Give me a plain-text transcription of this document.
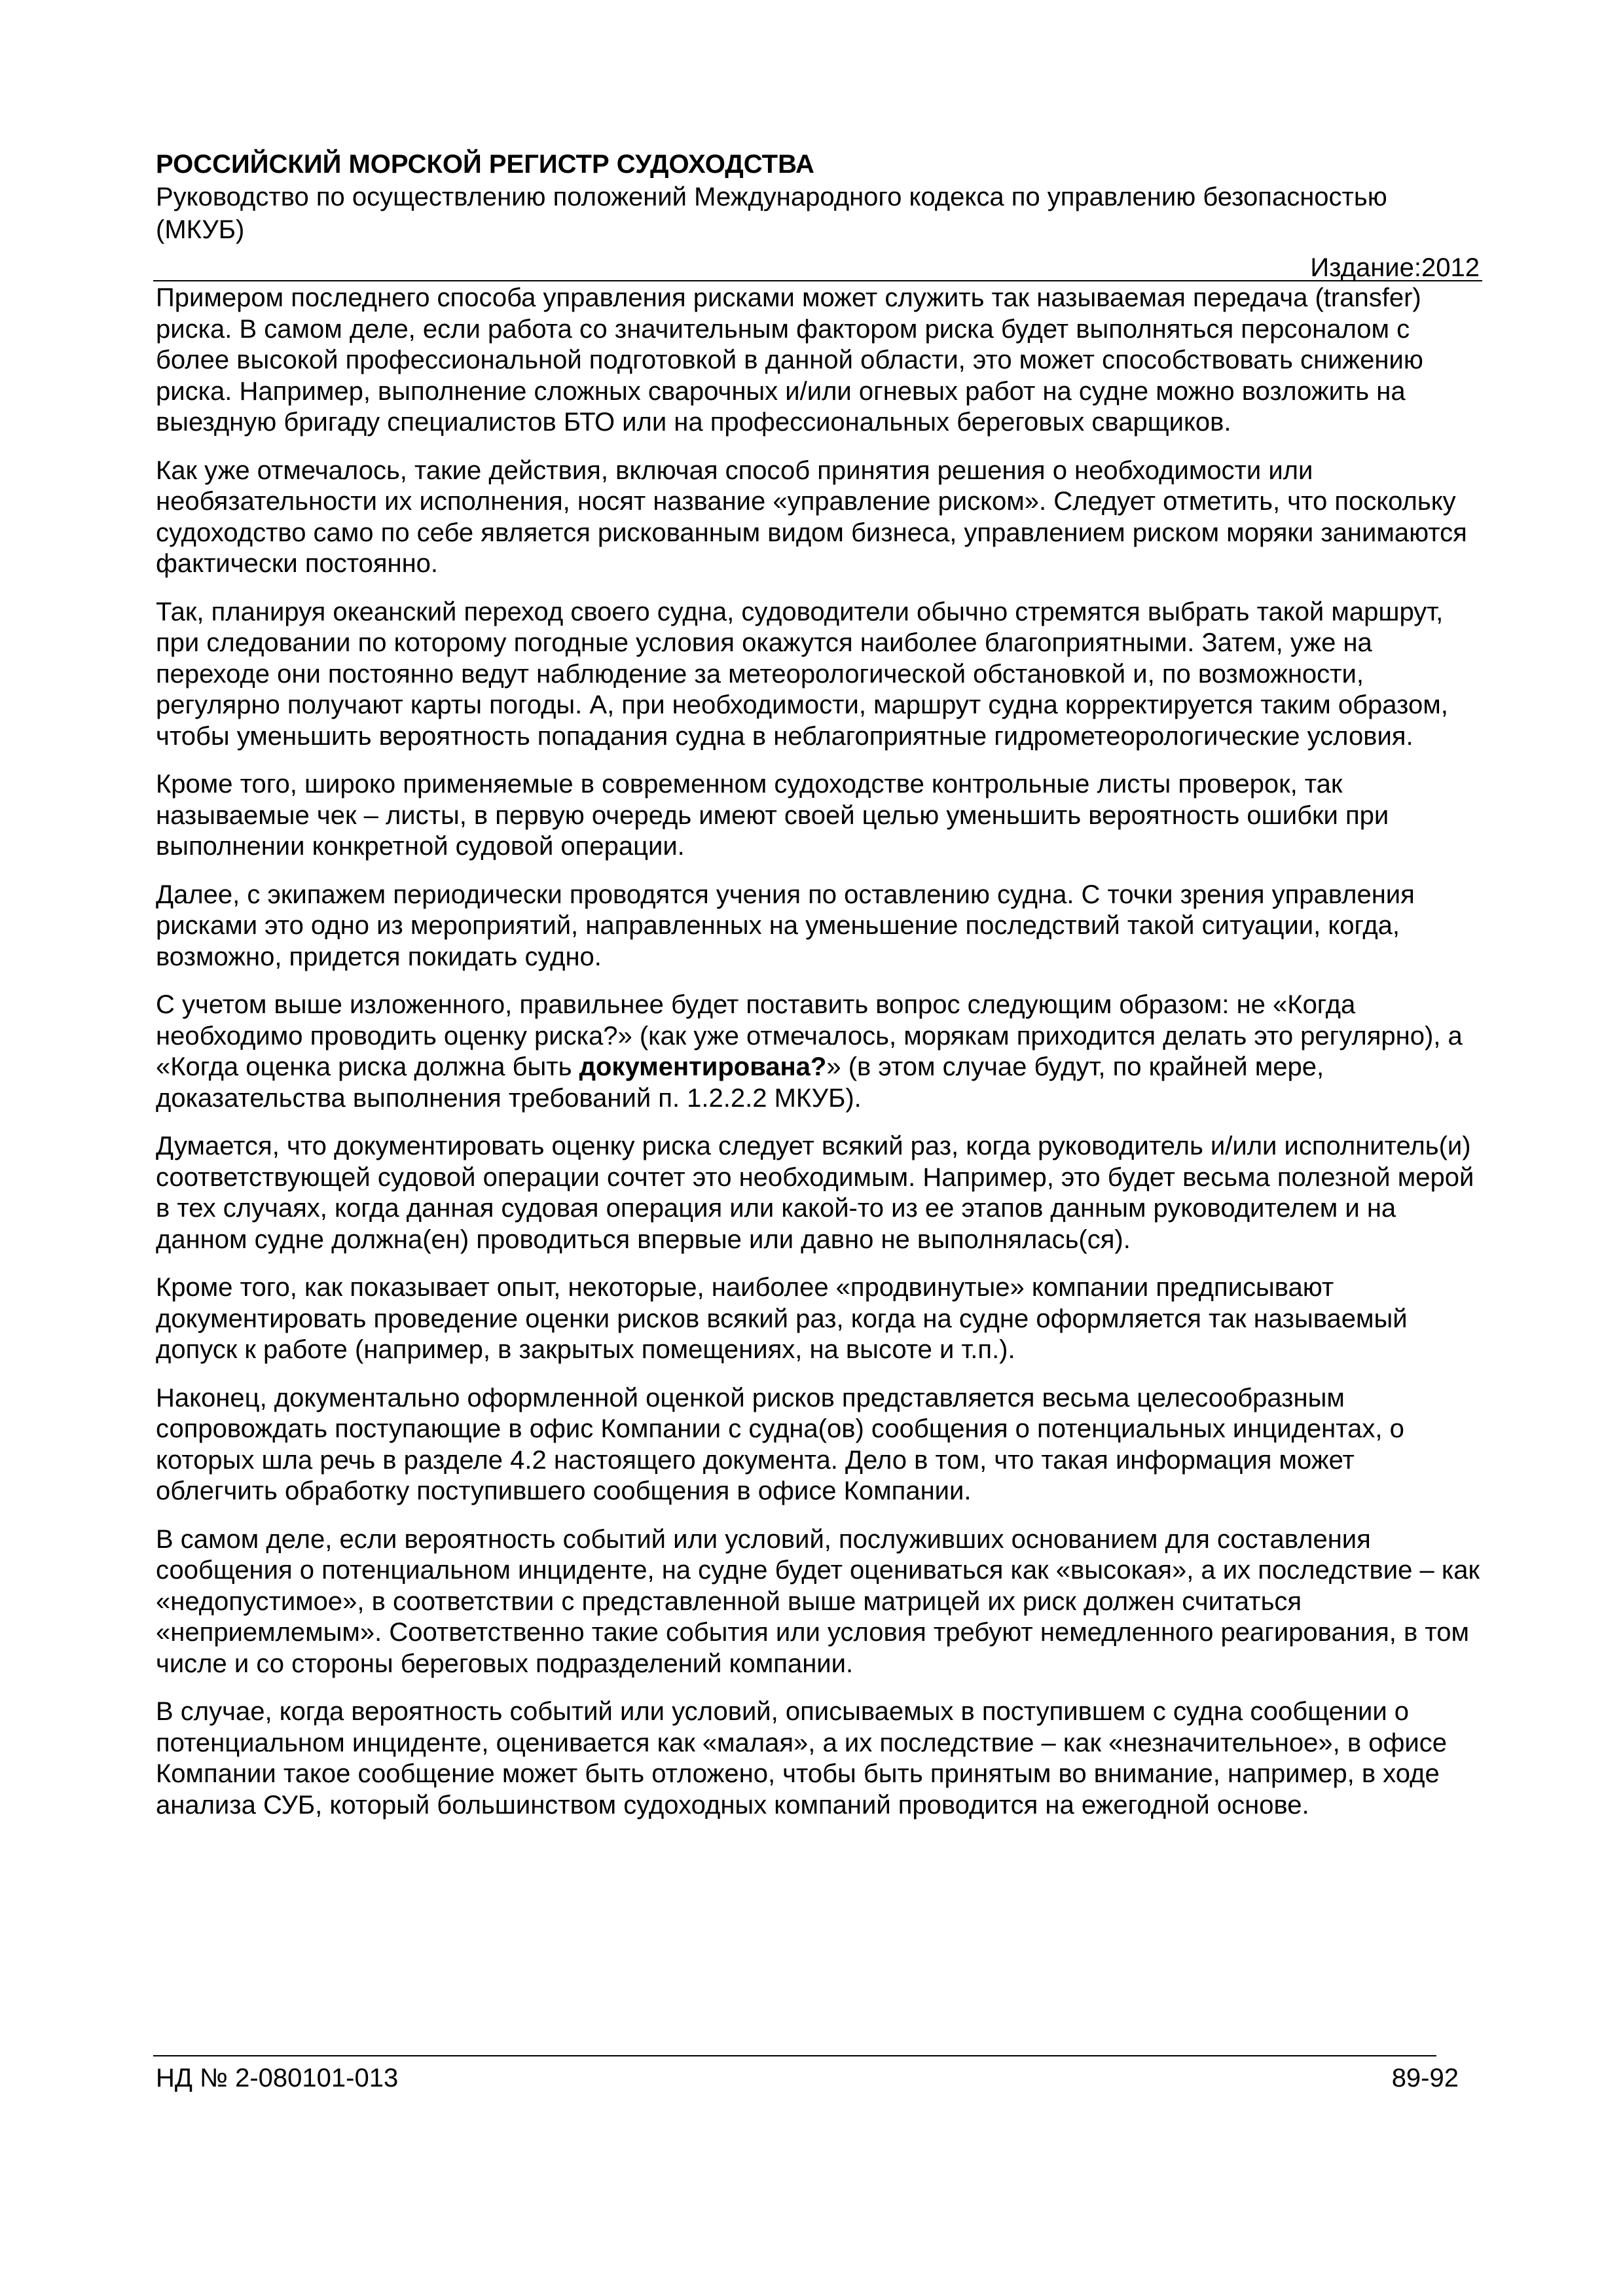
РОССИЙСКИЙ МОРСКОЙ РЕГИСТР СУДОХОДСТВА

Руководство по осуществлению положений Международного кодекса по управлению безопасностью (МКУБ)

Издание:2012

Примером последнего способа управления рисками может служить так называемая передача (transfer) риска. В самом деле, если работа со значительным фактором риска будет выполняться персоналом с более высокой профессиональной подготовкой в данной области, это может способствовать снижению риска. Например, выполнение сложных сварочных и/или огневых работ на судне можно возложить на выездную бригаду специалистов БТО или на профессиональных береговых сварщиков.

Как уже отмечалось, такие действия, включая способ принятия решения о необходимости или необязательности их исполнения, носят название «управление риском». Следует отметить, что поскольку судоходство само по себе является рискованным видом бизнеса, управлением риском моряки занимаются фактически постоянно.

Так, планируя океанский переход своего судна, судоводители обычно стремятся выбрать такой маршрут, при следовании по которому погодные условия окажутся наиболее благоприятными. Затем, уже на переходе они постоянно ведут наблюдение за метеорологической обстановкой и, по возможности, регулярно получают карты погоды. А, при необходимости, маршрут судна корректируется таким образом, чтобы уменьшить вероятность попадания судна в неблагоприятные гидрометеорологические условия.

Кроме того, широко применяемые в современном судоходстве контрольные листы проверок, так называемые чек – листы, в первую очередь имеют своей целью уменьшить вероятность ошибки при выполнении конкретной судовой операции.

Далее, с экипажем периодически проводятся учения по оставлению судна. С точки зрения управления рисками это одно из мероприятий, направленных на уменьшение последствий такой ситуации, когда, возможно, придется покидать судно.

С учетом выше изложенного, правильнее будет поставить вопрос следующим образом: не «Когда необходимо проводить оценку риска?» (как уже отмечалось, морякам приходится делать это регулярно), а «Когда оценка риска должна быть документирована?» (в этом случае будут, по крайней мере, доказательства выполнения требований п. 1.2.2.2 МКУБ).

Думается, что документировать оценку риска следует всякий раз, когда руководитель и/или исполнитель(и) соответствующей судовой операции сочтет это необходимым. Например, это будет весьма полезной мерой в тех случаях, когда данная судовая операция или какой-то из ее этапов данным руководителем и на данном судне должна(ен) проводиться впервые или давно не выполнялась(ся).

Кроме того, как показывает опыт, некоторые, наиболее «продвинутые» компании предписывают документировать проведение оценки рисков всякий раз, когда на судне оформляется так называемый допуск к работе (например, в закрытых помещениях, на высоте и т.п.).

Наконец, документально оформленной оценкой рисков представляется весьма целесообразным сопровождать поступающие в офис Компании с судна(ов) сообщения о потенциальных инцидентах, о которых шла речь в разделе 4.2 настоящего документа. Дело в том, что такая информация может облегчить обработку поступившего сообщения в офисе Компании.

В самом деле, если вероятность событий или условий, послуживших основанием для составления сообщения о потенциальном инциденте, на судне будет оцениваться как «высокая», а их последствие – как «недопустимое», в соответствии с представленной выше матрицей их риск должен считаться «неприемлемым». Соответственно такие события или условия требуют немедленного реагирования, в том числе и со стороны береговых подразделений компании.

В случае, когда вероятность событий или условий, описываемых в поступившем с судна сообщении о потенциальном инциденте, оценивается как «малая», а их последствие – как «незначительное», в офисе Компании такое сообщение может быть отложено, чтобы быть принятым во внимание, например, в ходе анализа СУБ, который большинством судоходных компаний проводится на ежегодной основе.

НД № 2-080101-013	89-92
